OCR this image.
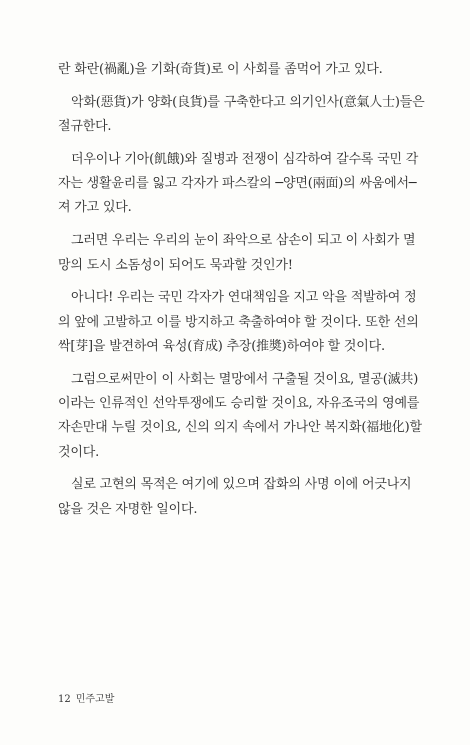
란 화란(禍亂)을 기화(奇貨)로 이 사회를 좀먹어 가고 있다.
악화(惡貨)가 양화(良貨)를 구축한다고 의기인사(意氣人士)들은
절규한다.
더우이나 기아(飢餓)와 질병과 전쟁이 심각하여 갈수록 국민 각
자는 생활윤리를 잃고 각자가 파스칼의 ─양면(兩面)의 싸움에서─
져 가고 있다.
그러면 우리는 우리의 눈이 좌악으로 삼손이 되고 이 사회가 멸
망의 도시 소돔성이 되어도 묵과할 것인가!
아니다! 우리는 국민 각자가 연대책임을 지고 악을 적발하여 정
의 앞에 고발하고 이를 방지하고 축출하여야 할 것이다. 또한 선의
싹[芽]을 발견하여 육성(育成) 추장(推奬)하여야 할 것이다.
그럼으로써만이 이 사회는 멸망에서 구출될 것이요, 멸공(滅共)
이라는 인류적인 선악투쟁에도 승리할 것이요, 자유조국의 영예를
자손만대 누릴 것이요, 신의 의지 속에서 가나안 복지화(福地化)할
것이다.
실로 고현의 목적은 여기에 있으며 잡화의 사명 이에 어긋나지
않을 것은 자명한 일이다.
12 민주고발
